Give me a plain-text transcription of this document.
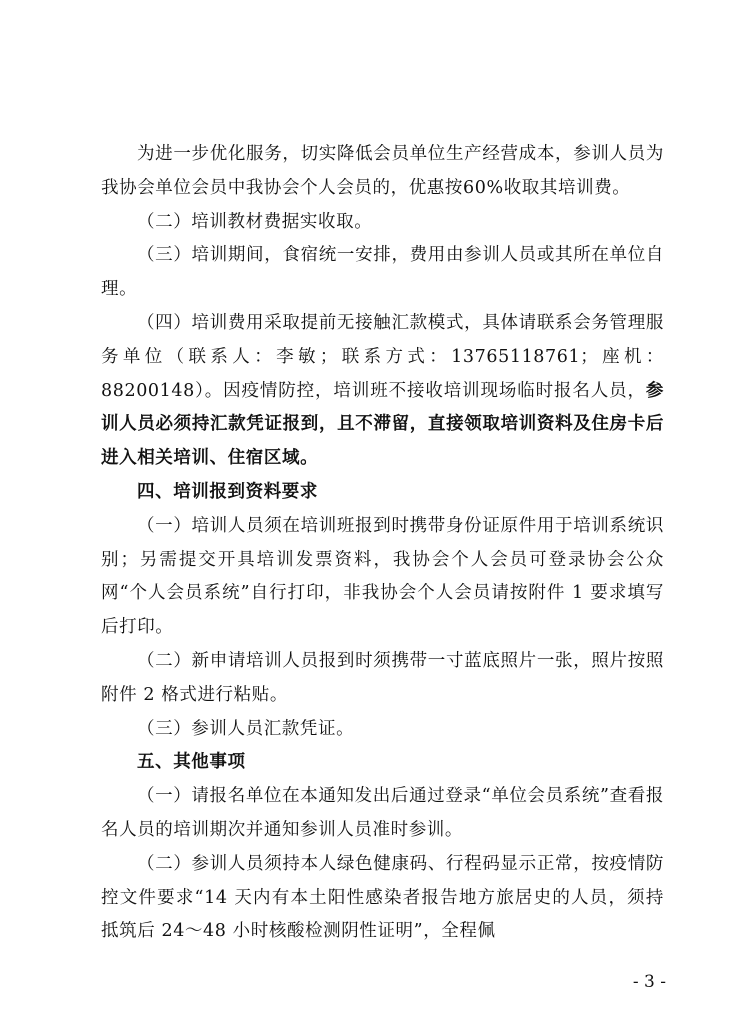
为进一步优化服务，切实降低会员单位生产经营成本，参训人员为我协会单位会员中我协会个人会员的，优惠按60%收取其培训费。

（二）培训教材费据实收取。

（三）培训期间，食宿统一安排，费用由参训人员或其所在单位自理。

（四）培训费用采取提前无接触汇款模式，具体请联系会务管理服务单位（联系人：李敏；联系方式：13765118761；座机：88200148）。因疫情防控，培训班不接收培训现场临时报名人员，参训人员必须持汇款凭证报到，且不滞留，直接领取培训资料及住房卡后进入相关培训、住宿区域。

四、培训报到资料要求

（一）培训人员须在培训班报到时携带身份证原件用于培训系统识别；另需提交开具培训发票资料，我协会个人会员可登录协会公众网“个人会员系统”自行打印，非我协会个人会员请按附件 1 要求填写后打印。

（二）新申请培训人员报到时须携带一寸蓝底照片一张，照片按照附件 2 格式进行粘贴。

（三）参训人员汇款凭证。

五、其他事项

（一）请报名单位在本通知发出后通过登录“单位会员系统”查看报名人员的培训期次并通知参训人员准时参训。

（二）参训人员须持本人绿色健康码、行程码显示正常，按疫情防控文件要求“14 天内有本土阳性感染者报告地方旅居史的人员，须持抵筑后 24～48 小时核酸检测阴性证明”，全程佩

- 3 -
